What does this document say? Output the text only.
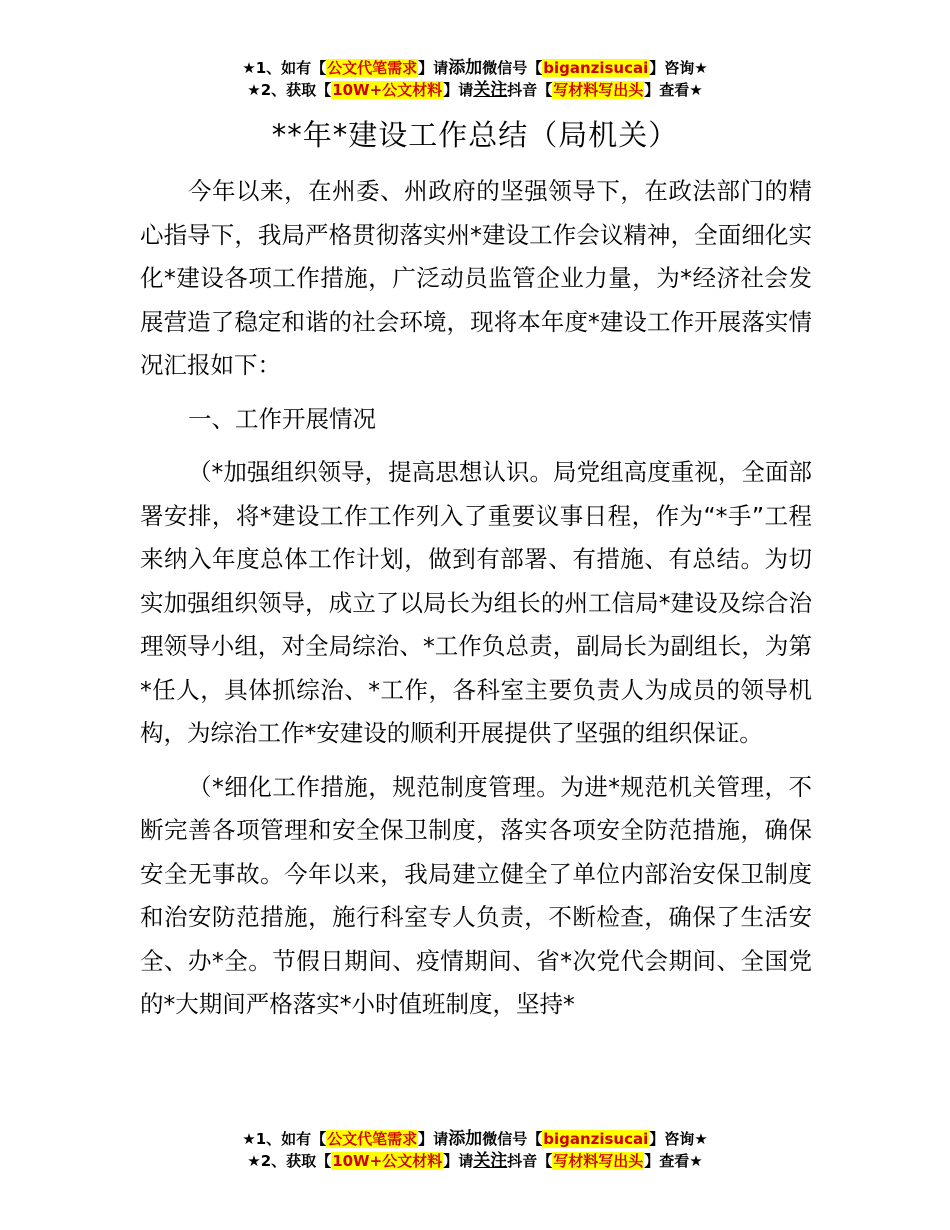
★1、如有【公文代笔需求】请添加微信号【biganzisucai】咨询★
★2、获取【10W+公文材料】请关注抖音【写材料写出头】查看★
**年*建设工作总结（局机关）

今年以来，在州委、州政府的坚强领导下，在政法部门的精心指导下，我局严格贯彻落实州*建设工作会议精神，全面细化实化*建设各项工作措施，广泛动员监管企业力量，为*经济社会发展营造了稳定和谐的社会环境，现将本年度*建设工作开展落实情况汇报如下：

一、工作开展情况

（*加强组织领导，提高思想认识。局党组高度重视，全面部署安排，将*建设工作工作列入了重要议事日程，作为“*手”工程来纳入年度总体工作计划，做到有部署、有措施、有总结。为切实加强组织领导，成立了以局长为组长的州工信局*建设及综合治理领导小组，对全局综治、*工作负总责，副局长为副组长，为第*任人，具体抓综治、*工作，各科室主要负责人为成员的领导机构，为综治工作*安建设的顺利开展提供了坚强的组织保证。

（*细化工作措施，规范制度管理。为进*规范机关管理，不断完善各项管理和安全保卫制度，落实各项安全防范措施，确保安全无事故。今年以来，我局建立健全了单位内部治安保卫制度和治安防范措施，施行科室专人负责，不断检查，确保了生活安全、办*全。节假日期间、疫情期间、省*次党代会期间、全国党的*大期间严格落实*小时值班制度，坚持*

★1、如有【公文代笔需求】请添加微信号【biganzisucai】咨询★
★2、获取【10W+公文材料】请关注抖音【写材料写出头】查看★
